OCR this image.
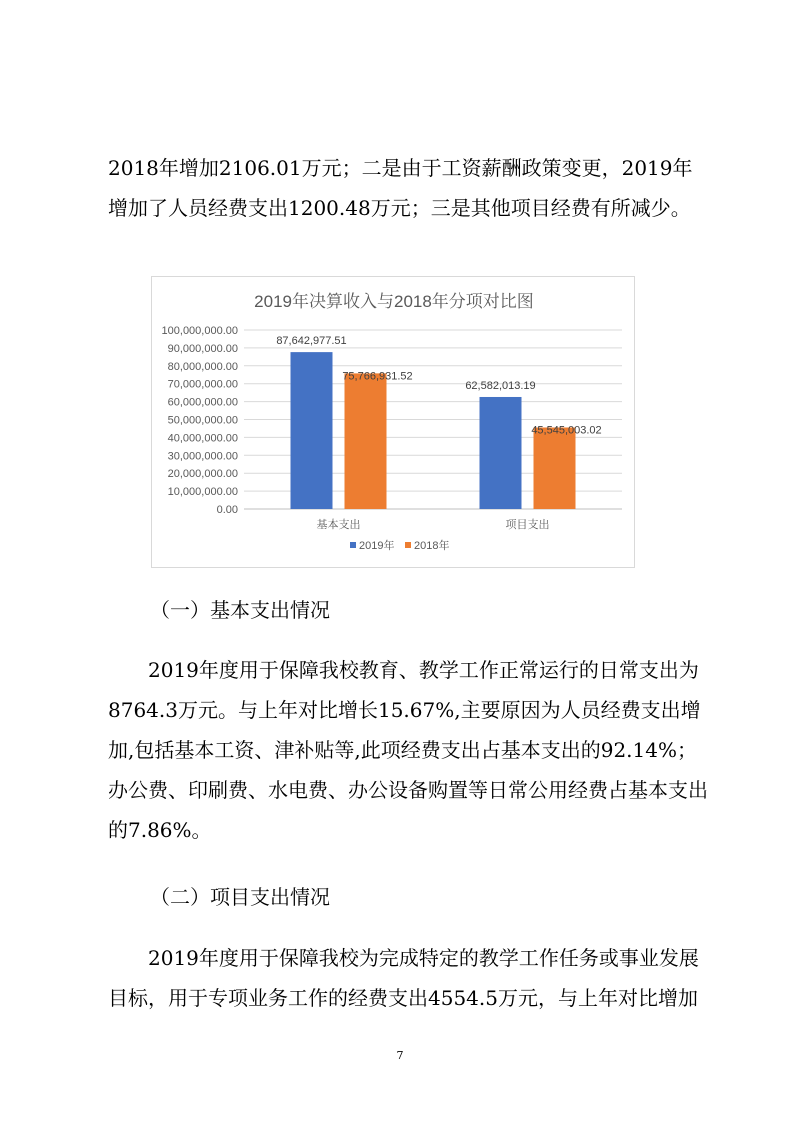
2018年增加2106.01万元；二是由于工资薪酬政策变更，2019年增加了人员经费支出1200.48万元；三是其他项目经费有所减少。

2019年决算收入与2018年分项对比图
0.00
10,000,000.00
20,000,000.00
30,000,000.00
40,000,000.00
50,000,000.00
60,000,000.00
70,000,000.00
80,000,000.00
90,000,000.00
100,000,000.00
87,642,977.51
75,766,931.52
基本支出
62,582,013.19
45,545,003.02
项目支出
2019年 2018年

（一）基本支出情况

2019年度用于保障我校教育、教学工作正常运行的日常支出为8764.3万元。与上年对比增长15.67%,主要原因为人员经费支出增加,包括基本工资、津补贴等,此项经费支出占基本支出的92.14%；办公费、印刷费、水电费、办公设备购置等日常公用经费占基本支出的7.86%。

（二）项目支出情况

2019年度用于保障我校为完成特定的教学工作任务或事业发展目标，用于专项业务工作的经费支出4554.5万元，与上年对比增加

7
